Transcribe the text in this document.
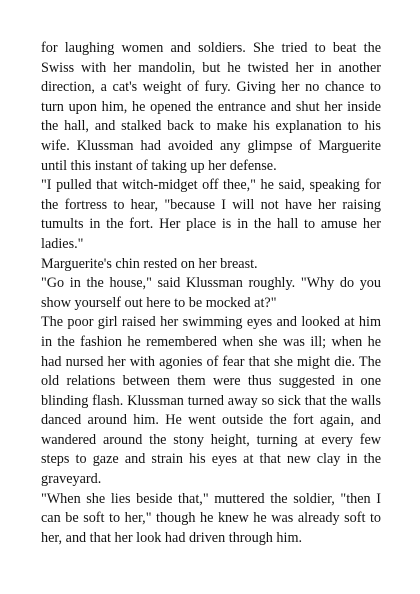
for laughing women and soldiers. She tried to beat the Swiss with her mandolin, but he twisted her in another direction, a cat's weight of fury. Giving her no chance to turn upon him, he opened the entrance and shut her inside the hall, and stalked back to make his explanation to his wife. Klussman had avoided any glimpse of Marguerite until this instant of taking up her defense.

"I pulled that witch-midget off thee," he said, speaking for the fortress to hear, "because I will not have her raising tumults in the fort. Her place is in the hall to amuse her ladies."

Marguerite's chin rested on her breast.

"Go in the house," said Klussman roughly. "Why do you show yourself out here to be mocked at?"

The poor girl raised her swimming eyes and looked at him in the fashion he remembered when she was ill; when he had nursed her with agonies of fear that she might die. The old relations between them were thus suggested in one blinding flash. Klussman turned away so sick that the walls danced around him. He went outside the fort again, and wandered around the stony height, turning at every few steps to gaze and strain his eyes at that new clay in the graveyard.

"When she lies beside that," muttered the soldier, "then I can be soft to her," though he knew he was already soft to her, and that her look had driven through him.
